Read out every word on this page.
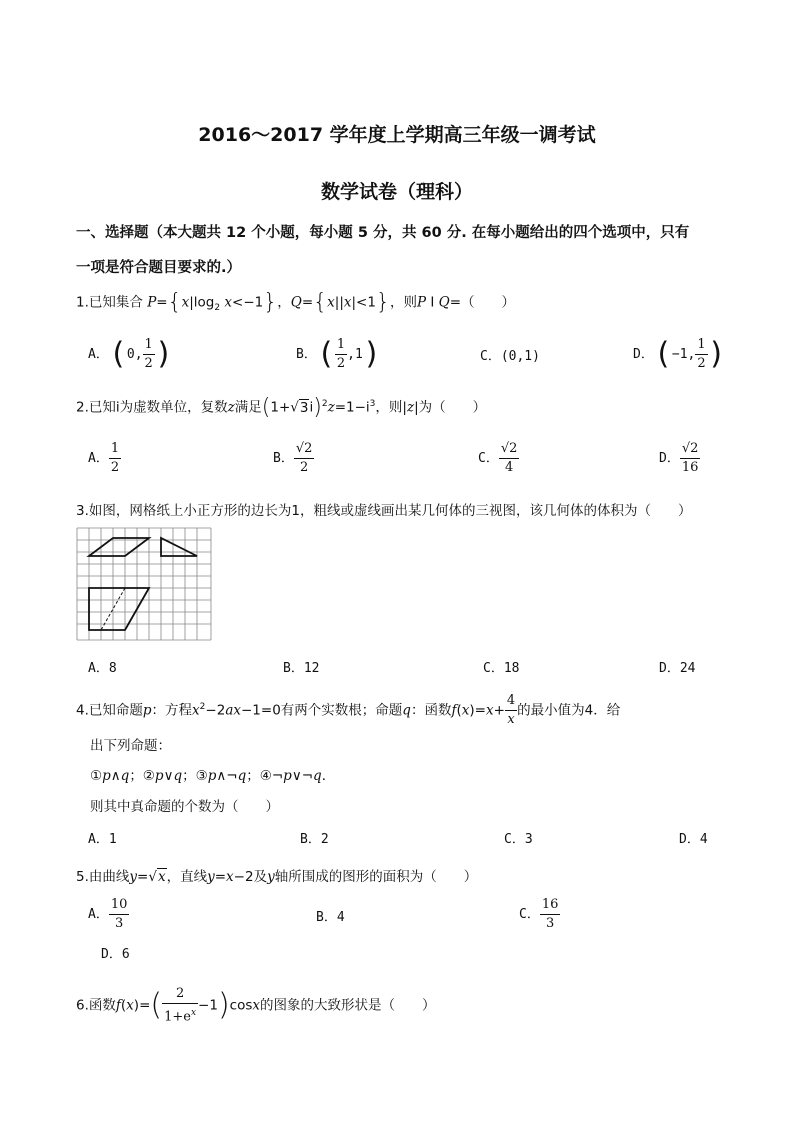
2016～2017 学年度上学期高三年级一调考试
数学试卷（理科）
一、选择题（本大题共 12 个小题，每小题 5 分，共 60 分. 在每小题给出的四个选项中，只有
一项是符合题目要求的.）
1.已知集合 $P=\{x|\log_2$ x<−1}，Q={x||x|<1}，则P I Q=（　　）
A．(0, $\frac{1}{2}$ )	B．( $\frac{1}{2} ,1$)	C．(0,1)	D．(−1, $\frac{1}{2}$ )
2.已知i为虚数单位，复数z满足$(1+√3i)^2z=1-i^3$，则|z|为（　　）
A． $\frac{1}{2}$	B． $\frac{√2}{2}$	C． $\frac{√2}{4}$	D． $\frac{√2}{16}$
3.如图，网格纸上小正方形的边长为1，粗线或虚线画出某几何体的三视图，该几何体的体积为（　　）
A．8	B．12	C．18	D．24
4.已知命题p：方程$x^2-2ax-1=0$有两个实数根；命题q：函数$f(x)=x+ \frac{4}{x}$ 的最小值为4．给
出下列命题：
①p∧q；②p∨q；③p∧¬q；④¬p∨¬q．
则其中真命题的个数为（　　）
A．1	B．2	C．3	D．4
5.由曲线y=√x，直线y=x−2及y轴所围成的图形的面积为（　　）
A． $\frac{10}{3}$	B．4	C． $\frac{16}{3}$
D．6
6.函数$f(x)=( \frac{2}{1+e^x} -1)\cos x$的图象的大致形状是（　　）
